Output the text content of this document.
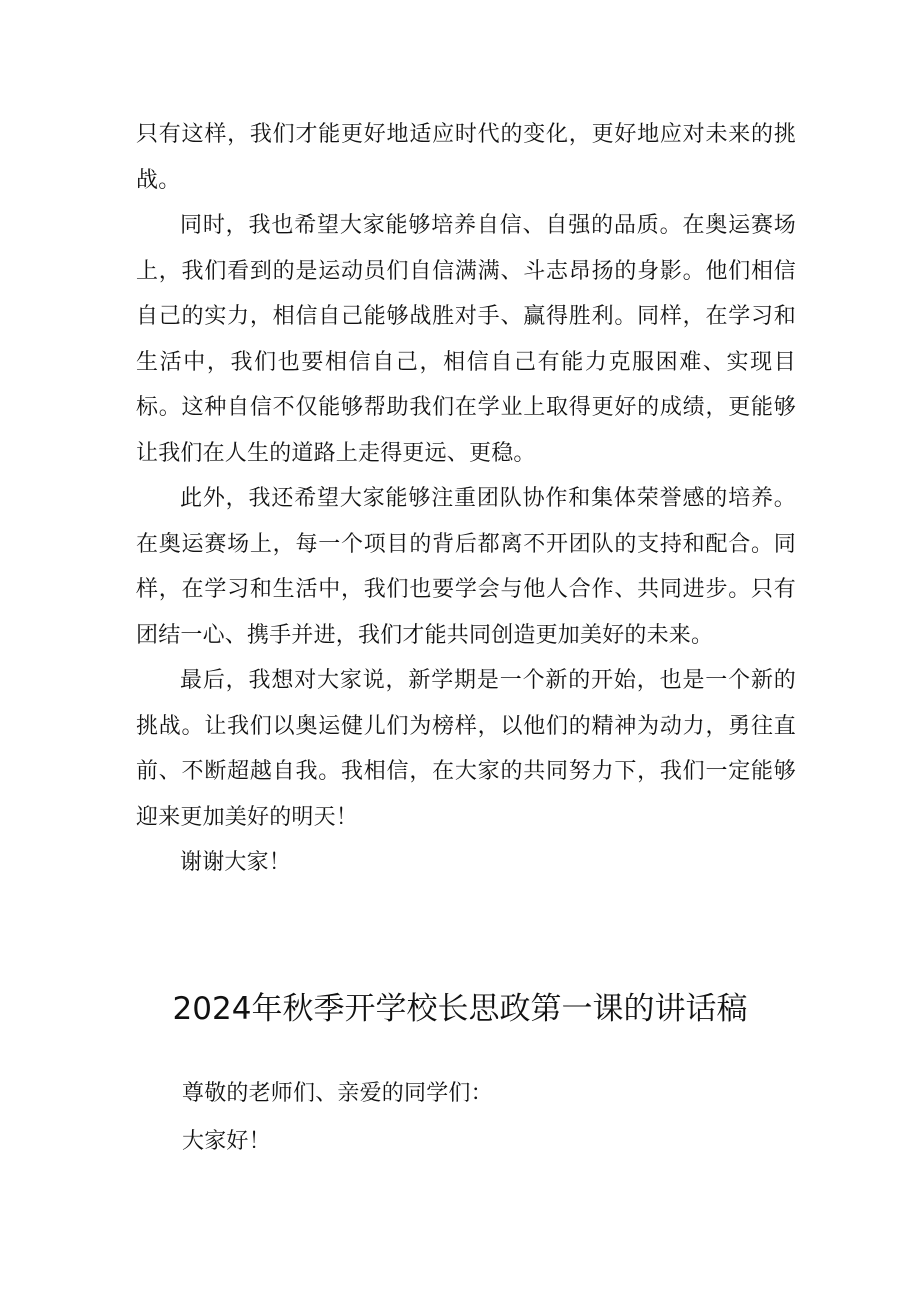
只有这样，我们才能更好地适应时代的变化，更好地应对未来的挑战。

同时，我也希望大家能够培养自信、自强的品质。在奥运赛场上，我们看到的是运动员们自信满满、斗志昂扬的身影。他们相信自己的实力，相信自己能够战胜对手、赢得胜利。同样，在学习和生活中，我们也要相信自己，相信自己有能力克服困难、实现目标。这种自信不仅能够帮助我们在学业上取得更好的成绩，更能够让我们在人生的道路上走得更远、更稳。

此外，我还希望大家能够注重团队协作和集体荣誉感的培养。在奥运赛场上，每一个项目的背后都离不开团队的支持和配合。同样，在学习和生活中，我们也要学会与他人合作、共同进步。只有团结一心、携手并进，我们才能共同创造更加美好的未来。

最后，我想对大家说，新学期是一个新的开始，也是一个新的挑战。让我们以奥运健儿们为榜样，以他们的精神为动力，勇往直前、不断超越自我。我相信，在大家的共同努力下，我们一定能够迎来更加美好的明天！

谢谢大家！

2024年秋季开学校长思政第一课的讲话稿

尊敬的老师们、亲爱的同学们：

大家好！
